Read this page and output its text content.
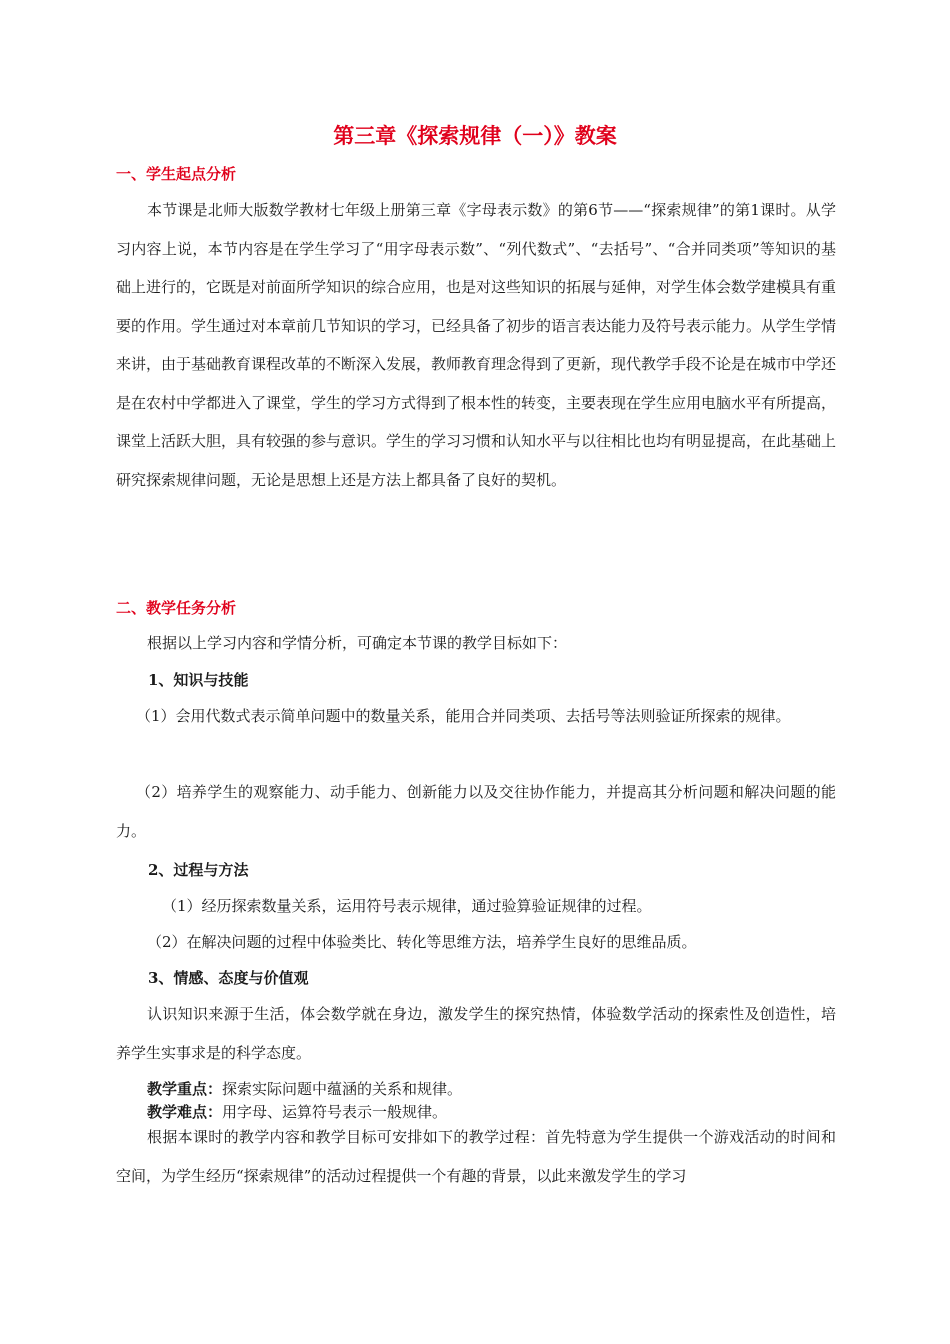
第三章《探索规律（一）》教案
一、学生起点分析
本节课是北师大版数学教材七年级上册第三章《字母表示数》的第6节——“探索规律”的第1课时。从学习内容上说，本节内容是在学生学习了“用字母表示数”、“列代数式”、“去括号”、“合并同类项”等知识的基础上进行的，它既是对前面所学知识的综合应用，也是对这些知识的拓展与延伸，对学生体会数学建模具有重要的作用。学生通过对本章前几节知识的学习，已经具备了初步的语言表达能力及符号表示能力。从学生学情来讲，由于基础教育课程改革的不断深入发展，教师教育理念得到了更新，现代教学手段不论是在城市中学还是在农村中学都进入了课堂，学生的学习方式得到了根本性的转变，主要表现在学生应用电脑水平有所提高，课堂上活跃大胆，具有较强的参与意识。学生的学习习惯和认知水平与以往相比也均有明显提高，在此基础上研究探索规律问题，无论是思想上还是方法上都具备了良好的契机。
二、教学任务分析
根据以上学习内容和学情分析，可确定本节课的教学目标如下：
1、知识与技能
（1）会用代数式表示简单问题中的数量关系，能用合并同类项、去括号等法则验证所探索的规律。
（2）培养学生的观察能力、动手能力、创新能力以及交往协作能力，并提高其分析问题和解决问题的能力。
2、过程与方法
（1）经历探索数量关系，运用符号表示规律，通过验算验证规律的过程。
（2）在解决问题的过程中体验类比、转化等思维方法，培养学生良好的思维品质。
3、情感、态度与价值观
认识知识来源于生活，体会数学就在身边，激发学生的探究热情，体验数学活动的探索性及创造性，培养学生实事求是的科学态度。
教学重点：探索实际问题中蕴涵的关系和规律。
教学难点：用字母、运算符号表示一般规律。
根据本课时的教学内容和教学目标可安排如下的教学过程：首先特意为学生提供一个游戏活动的时间和空间，为学生经历“探索规律”的活动过程提供一个有趣的背景，以此来激发学生的学习
